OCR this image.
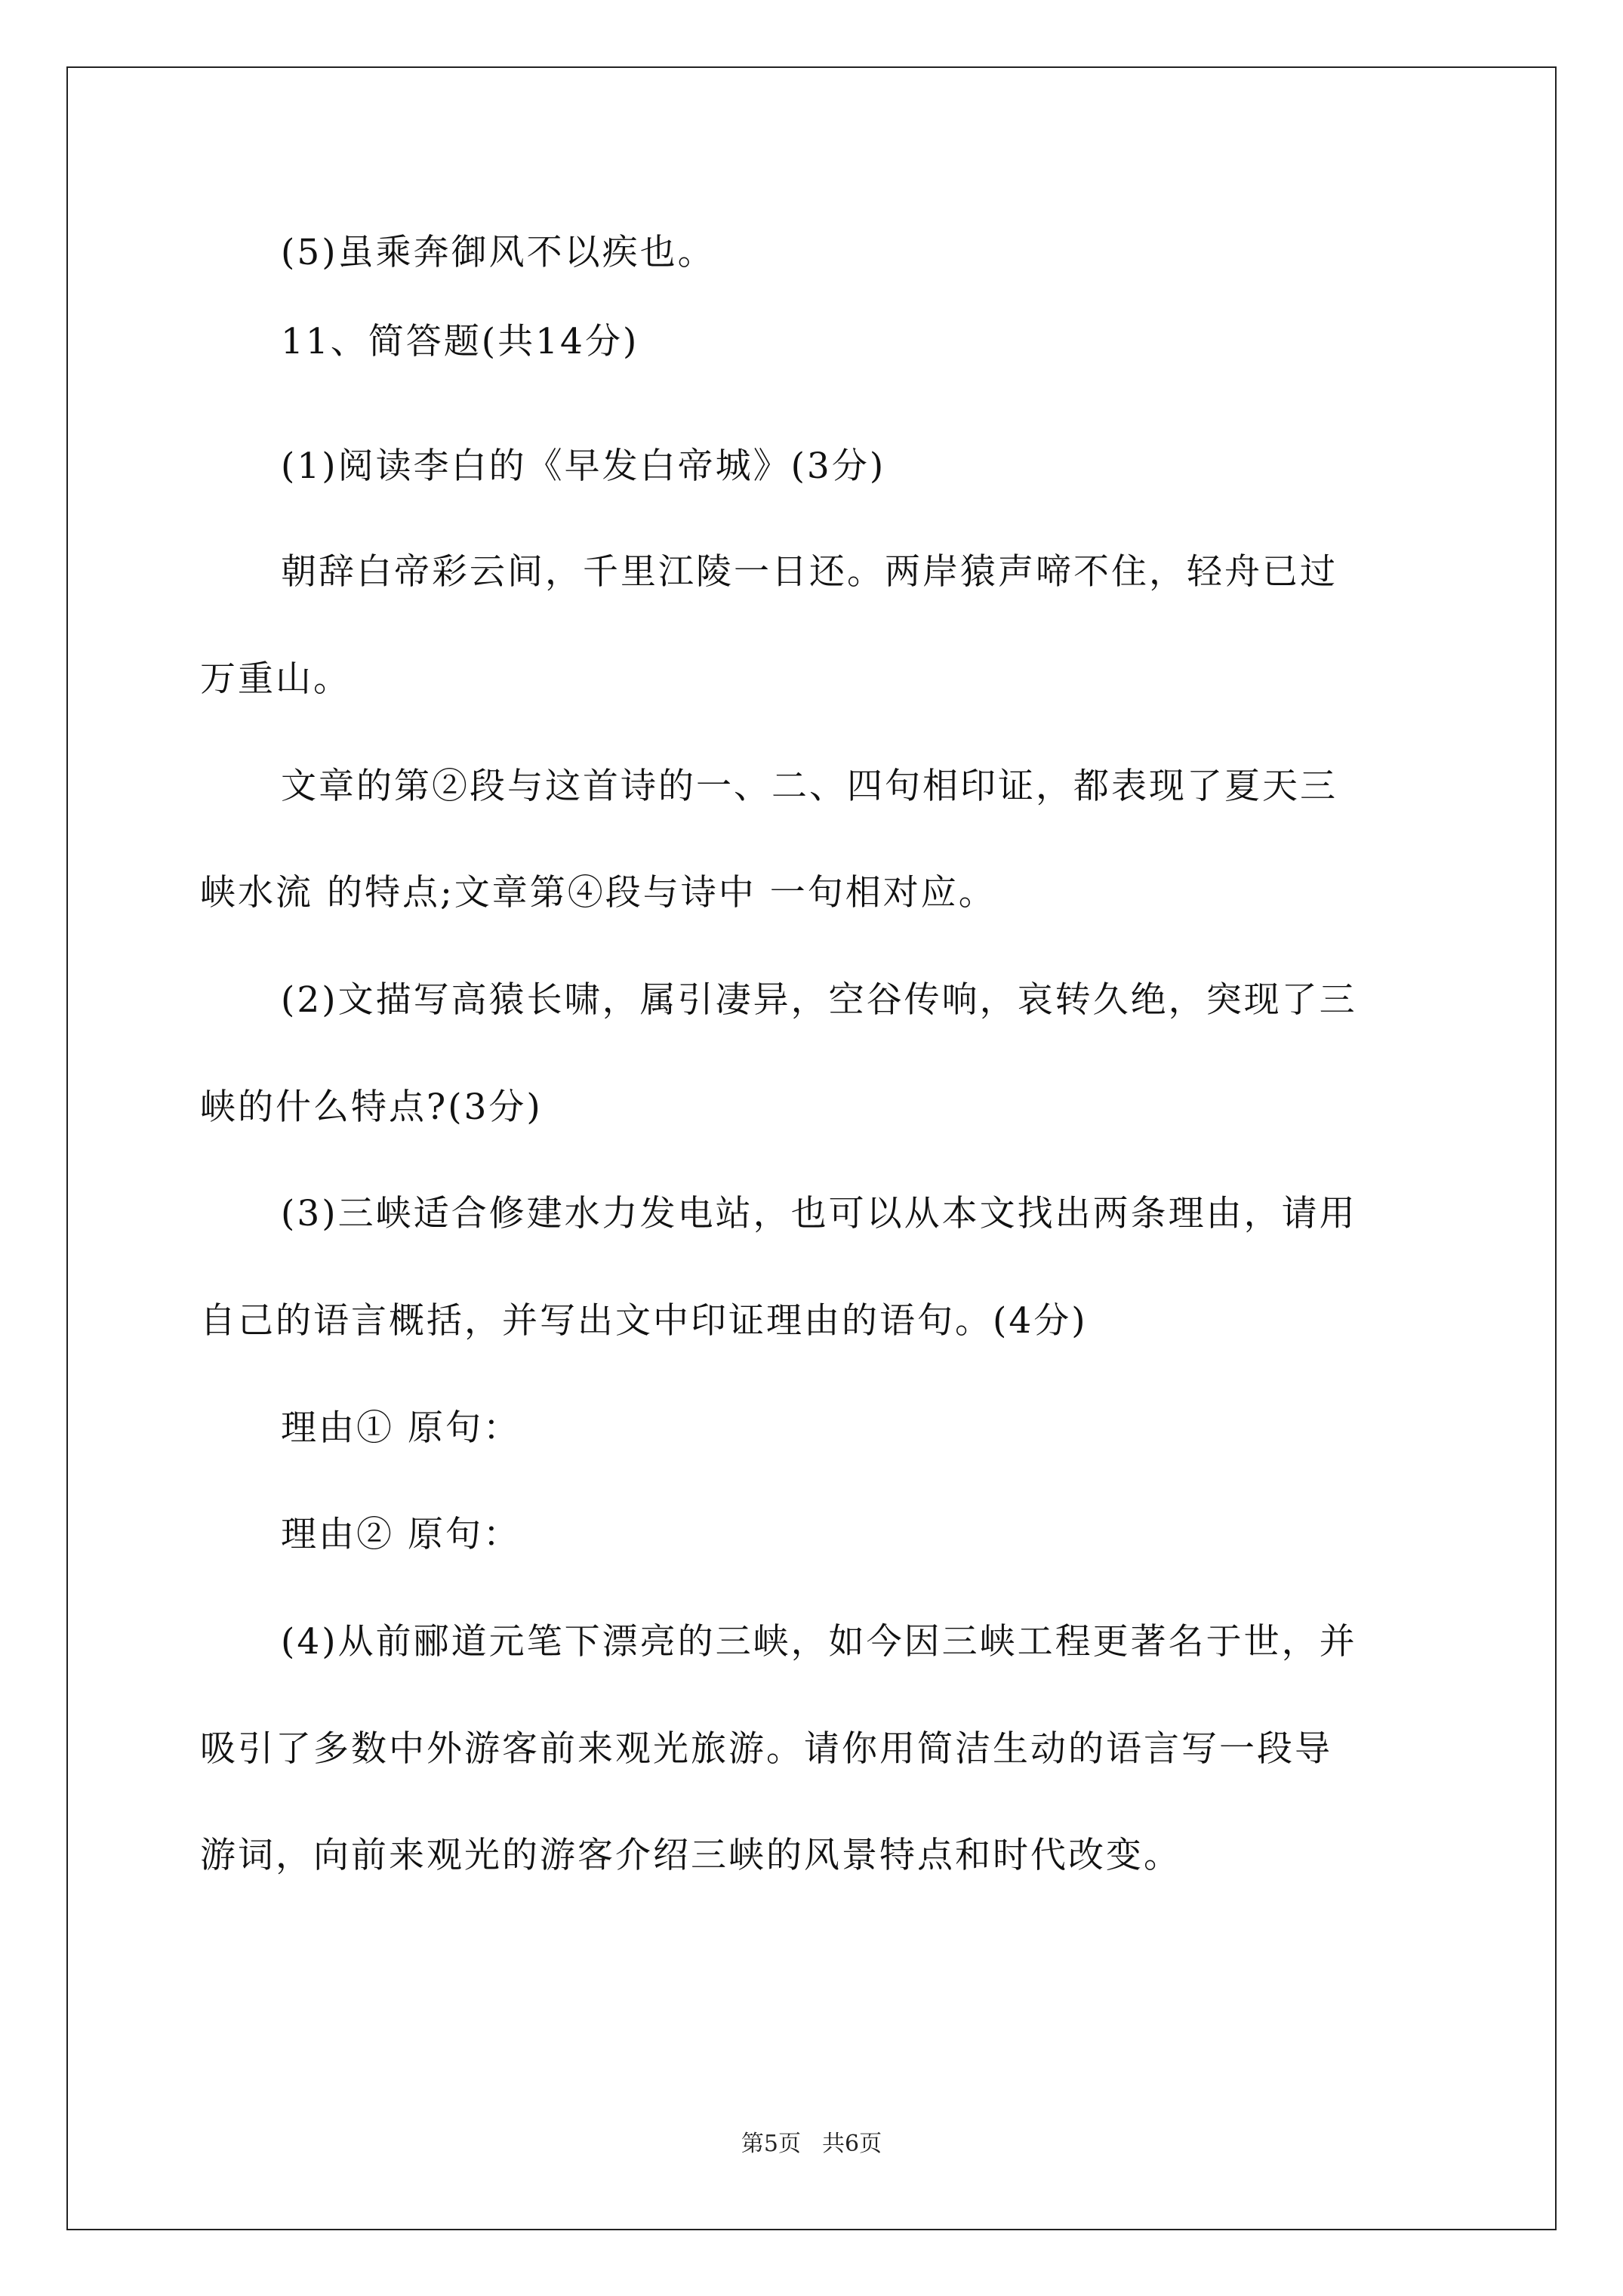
(5)虽乘奔御风不以疾也。
11、简答题(共14分)
(1)阅读李白的《早发白帝城》(3分)
朝辞白帝彩云间，千里江陵一日还。两岸猿声啼不住，轻舟已过
万重山。
文章的第②段与这首诗的一、二、四句相印证，都表现了夏天三
峡水流 的特点;文章第④段与诗中 一句相对应。
(2)文描写高猿长啸，属引凄异，空谷传响，哀转久绝，突现了三
峡的什么特点?(3分)
(3)三峡适合修建水力发电站，也可以从本文找出两条理由，请用
自己的语言概括，并写出文中印证理由的语句。(4分)
理由① 原句：
理由② 原句：
(4)从前郦道元笔下漂亮的三峡，如今因三峡工程更著名于世，并
吸引了多数中外游客前来观光旅游。请你用简洁生动的语言写一段导
游词，向前来观光的游客介绍三峡的风景特点和时代改变。
第5页 共6页
